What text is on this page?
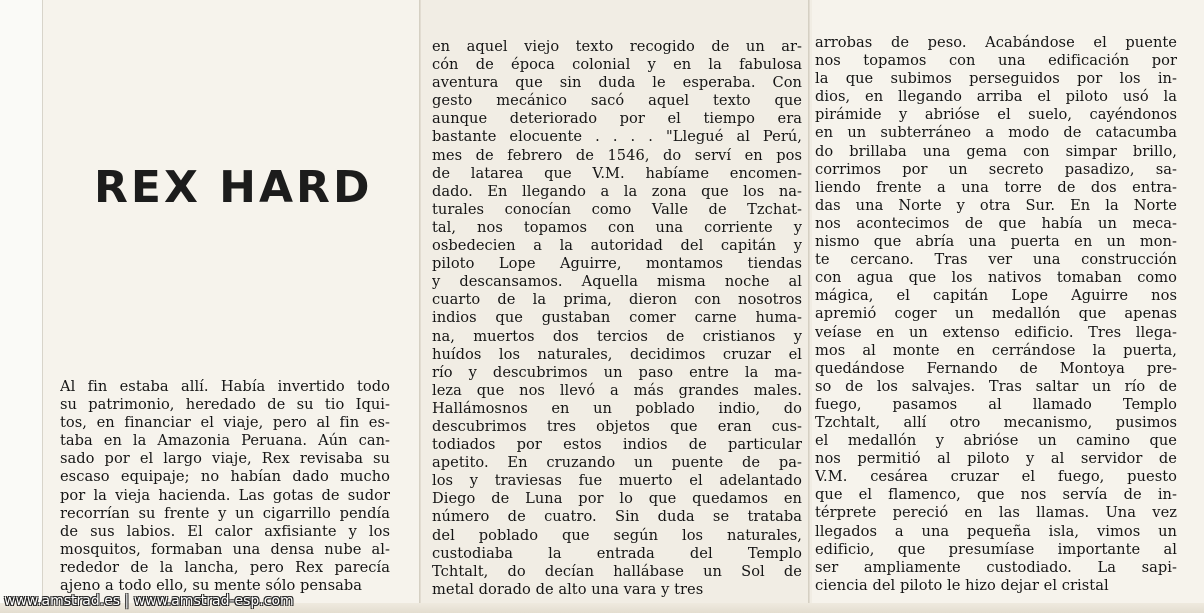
REX HARD
Al fin estaba allí. Había invertido todo
su patrimonio, heredado de su tio Iqui-
tos, en financiar el viaje, pero al fin es-
taba en la Amazonia Peruana. Aún can-
sado por el largo viaje, Rex revisaba su
escaso equipaje; no habían dado mucho
por la vieja hacienda. Las gotas de sudor
recorrían su frente y un cigarrillo pendía
de sus labios. El calor axfisiante y los
mosquitos, formaban una densa nube al-
rededor de la lancha, pero Rex parecía
ajeno a todo ello, su mente sólo pensaba
en aquel viejo texto recogido de un ar-
cón de época colonial y en la fabulosa
aventura que sin duda le esperaba. Con
gesto mecánico sacó aquel texto que
aunque deteriorado por el tiempo era
bastante elocuente . . . . "Llegué al Perú,
mes de febrero de 1546, do serví en pos
de latarea que V.M. habíame encomen-
dado. En llegando a la zona que los na-
turales conocían como Valle de Tzchat-
tal, nos topamos con una corriente y
osbedecien a la autoridad del capitán y
piloto Lope Aguirre, montamos tiendas
y descansamos. Aquella misma noche al
cuarto de la prima, dieron con nosotros
indios que gustaban comer carne huma-
na, muertos dos tercios de cristianos y
huídos los naturales, decidimos cruzar el
río y descubrimos un paso entre la ma-
leza que nos llevó a más grandes males.
Hallámosnos en un poblado indio, do
descubrimos tres objetos que eran cus-
todiados por estos indios de particular
apetito. En cruzando un puente de pa-
los y traviesas fue muerto el adelantado
Diego de Luna por lo que quedamos en
número de cuatro. Sin duda se trataba
del poblado que según los naturales,
custodiaba la entrada del Templo
Tchtalt, do decían hallábase un Sol de
metal dorado de alto una vara y tres
arrobas de peso. Acabándose el puente
nos topamos con una edificación por
la que subimos perseguidos por los in-
dios, en llegando arriba el piloto usó la
pirámide y abrióse el suelo, cayéndonos
en un subterráneo a modo de catacumba
do brillaba una gema con simpar brillo,
corrimos por un secreto pasadizo, sa-
liendo frente a una torre de dos entra-
das una Norte y otra Sur. En la Norte
nos acontecimos de que había un meca-
nismo que abría una puerta en un mon-
te cercano. Tras ver una construcción
con agua que los nativos tomaban como
mágica, el capitán Lope Aguirre nos
apremió coger un medallón que apenas
veíase en un extenso edificio. Tres llega-
mos al monte en cerrándose la puerta,
quedándose Fernando de Montoya pre-
so de los salvajes. Tras saltar un río de
fuego, pasamos al llamado Templo
Tzchtalt, allí otro mecanismo, pusimos
el medallón y abrióse un camino que
nos permitió al piloto y al servidor de
V.M. cesárea cruzar el fuego, puesto
que el flamenco, que nos servía de in-
térprete pereció en las llamas. Una vez
llegados a una pequeña isla, vimos un
edificio, que presumíase importante al
ser ampliamente custodiado. La sapi-
ciencia del piloto le hizo dejar el cristal
www.amstrad.es | www.amstrad-esp.com
